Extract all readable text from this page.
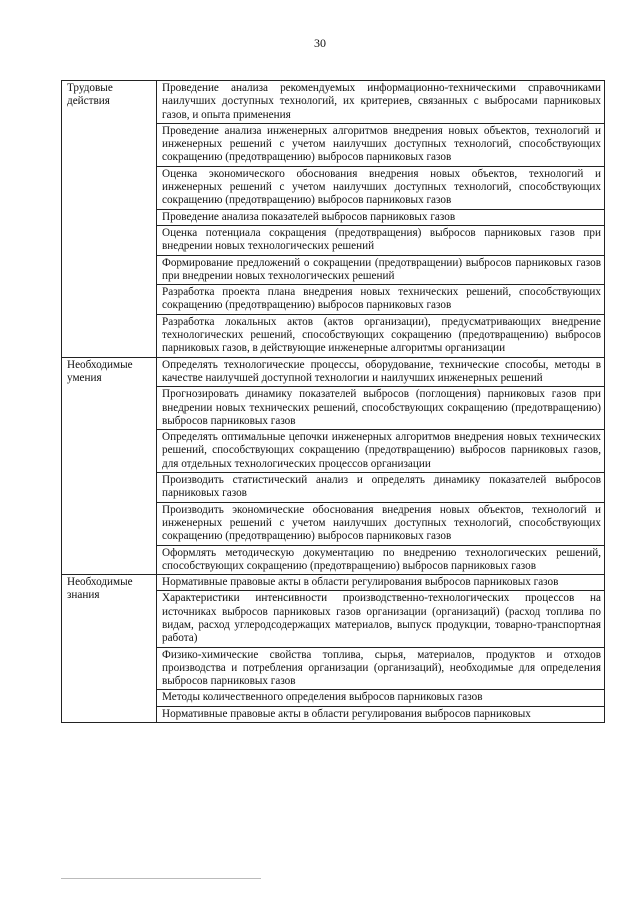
30
Трудовые действия	Проведение анализа рекомендуемых информационно-техническими справочниками наилучших доступных технологий, их критериев, связанных с выбросами парниковых газов, и опыта применения
	Проведение анализа инженерных алгоритмов внедрения новых объектов, технологий и инженерных решений с учетом наилучших доступных технологий, способствующих сокращению (предотвращению) выбросов парниковых газов
	Оценка экономического обоснования внедрения новых объектов, технологий и инженерных решений с учетом наилучших доступных технологий, способствующих сокращению (предотвращению) выбросов парниковых газов
	Проведение анализа показателей выбросов парниковых газов
	Оценка потенциала сокращения (предотвращения) выбросов парниковых газов при внедрении новых технологических решений
	Формирование предложений о сокращении (предотвращении) выбросов парниковых газов при внедрении новых технологических решений
	Разработка проекта плана внедрения новых технических решений, способствующих сокращению (предотвращению) выбросов парниковых газов
	Разработка локальных актов (актов организации), предусматривающих внедрение технологических решений, способствующих сокращению (предотвращению) выбросов парниковых газов, в действующие инженерные алгоритмы организации
Необходимые умения	Определять технологические процессы, оборудование, технические способы, методы в качестве наилучшей доступной технологии и наилучших инженерных решений
	Прогнозировать динамику показателей выбросов (поглощения) парниковых газов при внедрении новых технических решений, способствующих сокращению (предотвращению) выбросов парниковых газов
	Определять оптимальные цепочки инженерных алгоритмов внедрения новых технических решений, способствующих сокращению (предотвращению) выбросов парниковых газов, для отдельных технологических процессов организации
	Производить статистический анализ и определять динамику показателей выбросов парниковых газов
	Производить экономические обоснования внедрения новых объектов, технологий и инженерных решений с учетом наилучших доступных технологий, способствующих сокращению (предотвращению) выбросов парниковых газов
	Оформлять методическую документацию по внедрению технологических решений, способствующих сокращению (предотвращению) выбросов парниковых газов
Необходимые знания	Нормативные правовые акты в области регулирования выбросов парниковых газов
	Характеристики интенсивности производственно-технологических процессов на источниках выбросов парниковых газов организации (организаций) (расход топлива по видам, расход углеродсодержащих материалов, выпуск продукции, товарно-транспортная работа)
	Физико-химические свойства топлива, сырья, материалов, продуктов и отходов производства и потребления организации (организаций), необходимые для определения выбросов парниковых газов
	Методы количественного определения выбросов парниковых газов
	Нормативные правовые акты в области регулирования выбросов парниковых
